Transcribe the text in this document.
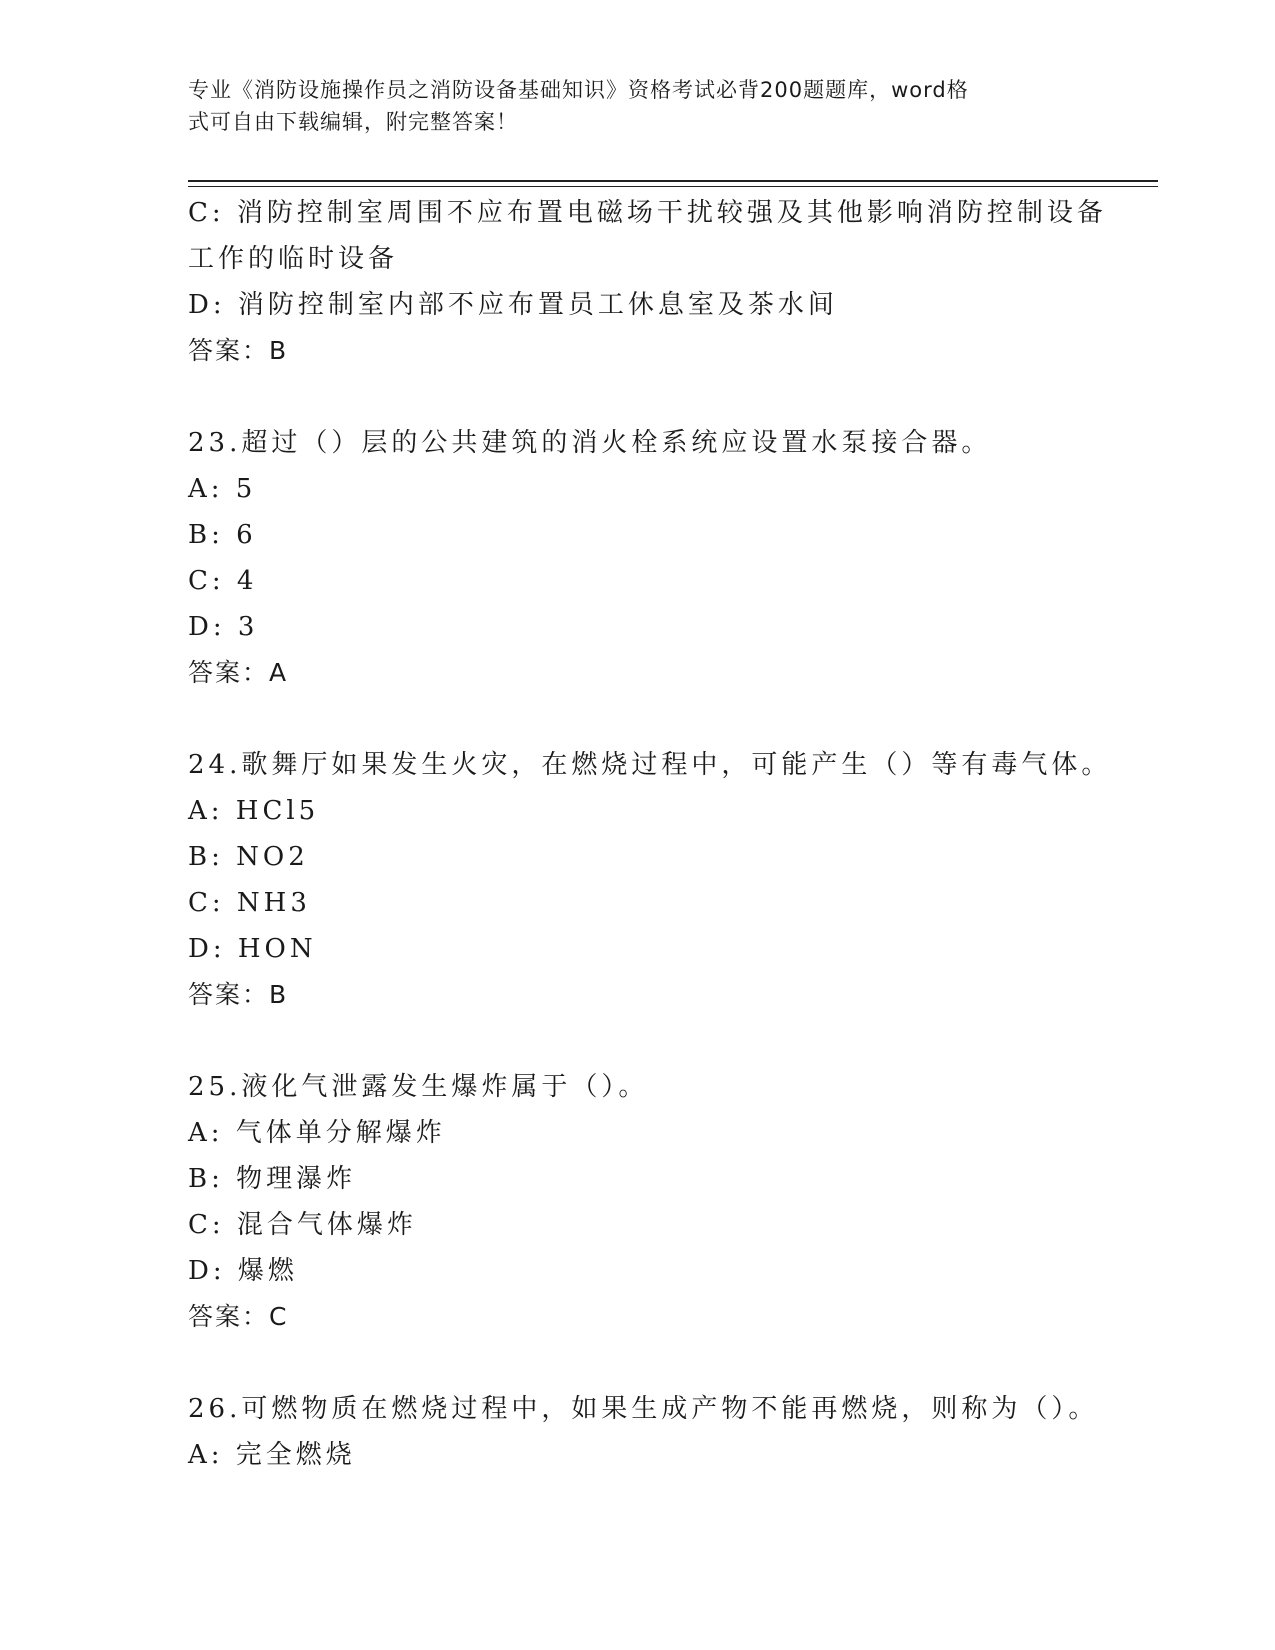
专业《消防设施操作员之消防设备基础知识》资格考试必背200题题库，word格
式可自由下载编辑，附完整答案！
C: 消防控制室周围不应布置电磁场干扰较强及其他影响消防控制设备
工作的临时设备
D: 消防控制室内部不应布置员工休息室及茶水间
答案：B
23.超过（）层的公共建筑的消火栓系统应设置水泵接合器。
A: 5
B: 6
C: 4
D: 3
答案：A
24.歌舞厅如果发生火灾，在燃烧过程中，可能产生（）等有毒气体。
A: HCl5
B: NO2
C: NH3
D: HON
答案：B
25.液化气泄露发生爆炸属于（）。
A: 气体单分解爆炸
B: 物理瀑炸
C: 混合气体爆炸
D: 爆燃
答案：C
26.可燃物质在燃烧过程中，如果生成产物不能再燃烧，则称为（）。
A: 完全燃烧
